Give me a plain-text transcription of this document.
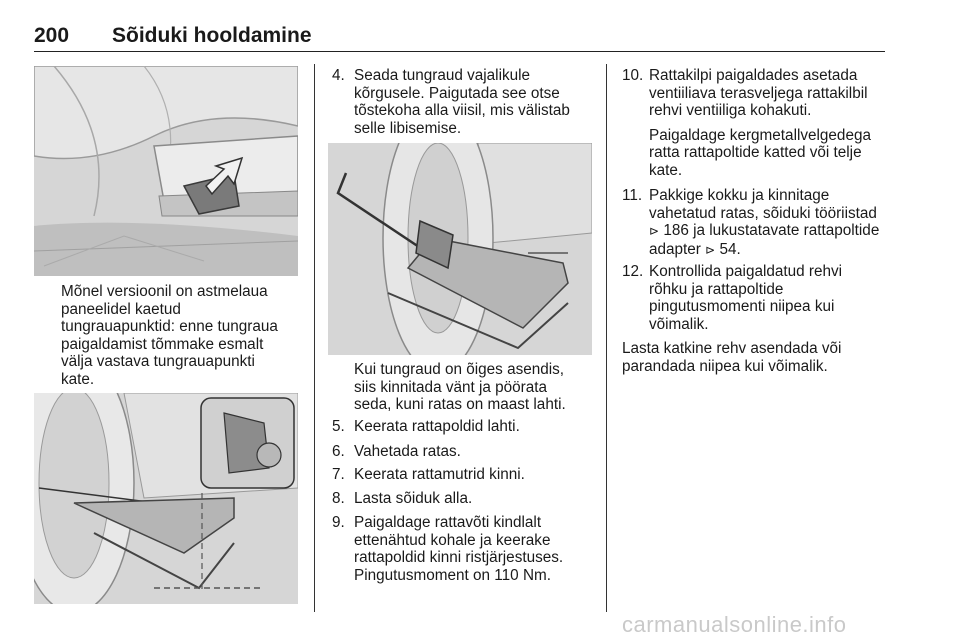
200 Sõiduki hooldamine
Mõnel versioonil on astmelaua
paneelidel kaetud
tungrauapunktid: enne tungraua
paigaldamist tõmmake esmalt
välja vastava tungrauapunkti
kate.
4. Seada tungraud vajalikule
kõrgusele. Paigutada see otse
tõstekoha alla viisil, mis välistab
selle libisemise.
Kui tungraud on õiges asendis,
siis kinnitada vänt ja pöörata
seda, kuni ratas on maast lahti.
5. Keerata rattapoldid lahti.
6. Vahetada ratas.
7. Keerata rattamutrid kinni.
8. Lasta sõiduk alla.
9. Paigaldage rattavõti kindlalt
ettenähtud kohale ja keerake
rattapoldid kinni ristjärjestuses.
Pingutusmoment on 110 Nm.
10. Rattakilpi paigaldades asetada
ventiiliava terasveljega rattakilbil
rehvi ventiiliga kohakuti.
Paigaldage kergmetallvelgedega
ratta rattapoltide katted või telje
kate.
11. Pakkige kokku ja kinnitage
vahetatud ratas, sõiduki tööriistad
⊳ 186 ja lukustatavate rattapoltide
adapter ⊳ 54.
12. Kontrollida paigaldatud rehvi
rõhku ja rattapoltide
pingutusmomenti niipea kui
võimalik.
Lasta katkine rehv asendada või
parandada niipea kui võimalik.
carmanualsonline.info
